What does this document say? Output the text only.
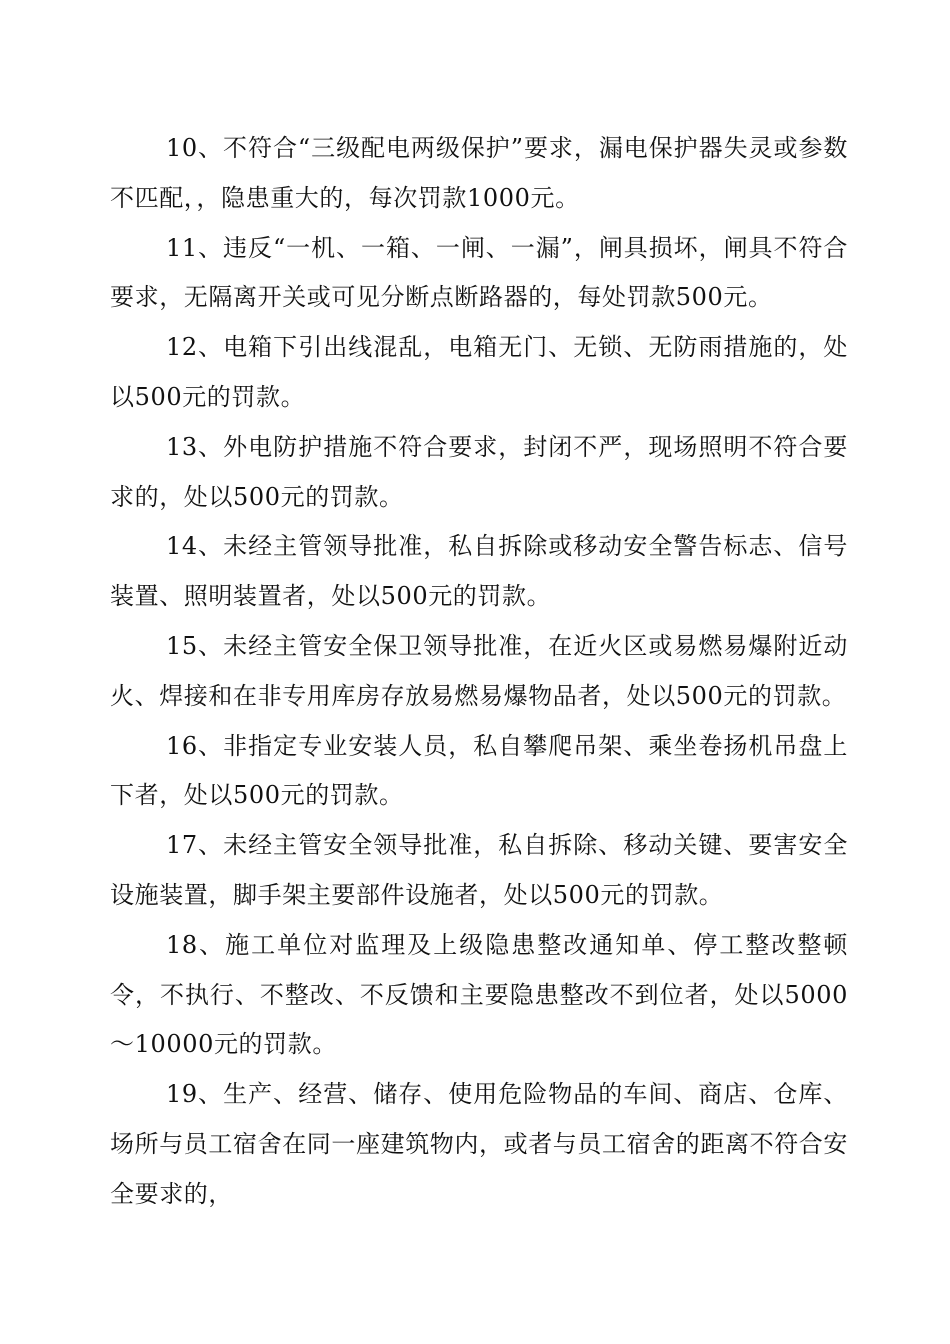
10、不符合“三级配电两级保护”要求，漏电保护器失灵或参数不匹配，，隐患重大的，每次罚款1000元。

11、违反“一机、一箱、一闸、一漏”，闸具损坏，闸具不符合要求，无隔离开关或可见分断点断路器的，每处罚款500元。

12、电箱下引出线混乱，电箱无门、无锁、无防雨措施的，处以500元的罚款。

13、外电防护措施不符合要求，封闭不严，现场照明不符合要求的，处以500元的罚款。

14、未经主管领导批准，私自拆除或移动安全警告标志、信号装置、照明装置者，处以500元的罚款。

15、未经主管安全保卫领导批准，在近火区或易燃易爆附近动火、焊接和在非专用库房存放易燃易爆物品者，处以500元的罚款。

16、非指定专业安装人员，私自攀爬吊架、乘坐卷扬机吊盘上下者，处以500元的罚款。

17、未经主管安全领导批准，私自拆除、移动关键、要害安全设施装置，脚手架主要部件设施者，处以500元的罚款。

18、施工单位对监理及上级隐患整改通知单、停工整改整顿令，不执行、不整改、不反馈和主要隐患整改不到位者，处以5000～10000元的罚款。

19、生产、经营、储存、使用危险物品的车间、商店、仓库、场所与员工宿舍在同一座建筑物内，或者与员工宿舍的距离不符合安全要求的，
